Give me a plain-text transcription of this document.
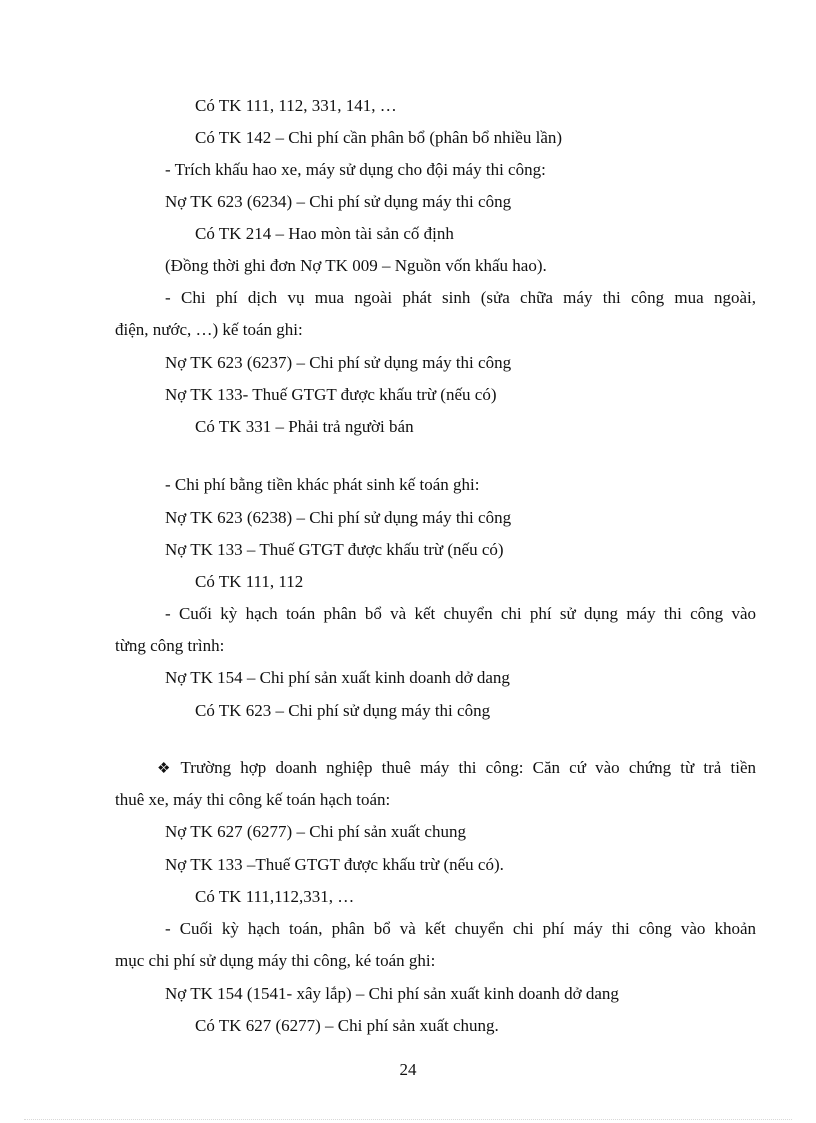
Có TK 111, 112, 331, 141, …
Có TK 142 – Chi phí cần phân bổ (phân bổ nhiều lần)
- Trích khấu hao xe, máy sử dụng cho đội máy thi công:
Nợ TK 623 (6234) – Chi phí sử dụng máy thi công
Có TK 214 – Hao mòn tài sản cố định
(Đồng thời ghi đơn Nợ TK 009 – Nguồn vốn khấu hao).
- Chi phí dịch vụ mua ngoài phát sinh (sửa chữa máy thi công mua ngoài,
điện, nước, …) kế toán ghi:
Nợ TK 623 (6237) – Chi phí sử dụng máy thi công
Nợ TK 133- Thuế GTGT được khấu trừ (nếu có)
Có TK 331 – Phải trả người bán
- Chi phí bằng tiền khác phát sinh kế toán ghi:
Nợ TK 623 (6238) – Chi phí sử dụng máy thi công
Nợ TK 133 – Thuế GTGT được khấu trừ (nếu có)
Có TK 111, 112
- Cuối kỳ hạch toán phân bổ và kết chuyển chi phí sử dụng máy thi công vào
từng công trình:
Nợ TK 154 – Chi phí sản xuất kinh doanh dở dang
Có TK 623 – Chi phí sử dụng máy thi công
❖ Trường hợp doanh nghiệp thuê máy thi công: Căn cứ vào chứng từ trả tiền
thuê xe, máy thi công kế toán hạch toán:
Nợ TK 627 (6277) – Chi phí sản xuất chung
Nợ TK 133 –Thuế GTGT được khấu trừ (nếu có).
Có TK 111,112,331, …
- Cuối kỳ hạch toán, phân bổ và kết chuyển chi phí máy thi công vào khoản
mục chi phí sử dụng máy thi công, ké toán ghi:
Nợ TK 154 (1541- xây lắp) – Chi phí sản xuất kinh doanh dở dang
Có TK 627 (6277) – Chi phí sản xuất chung.
24
